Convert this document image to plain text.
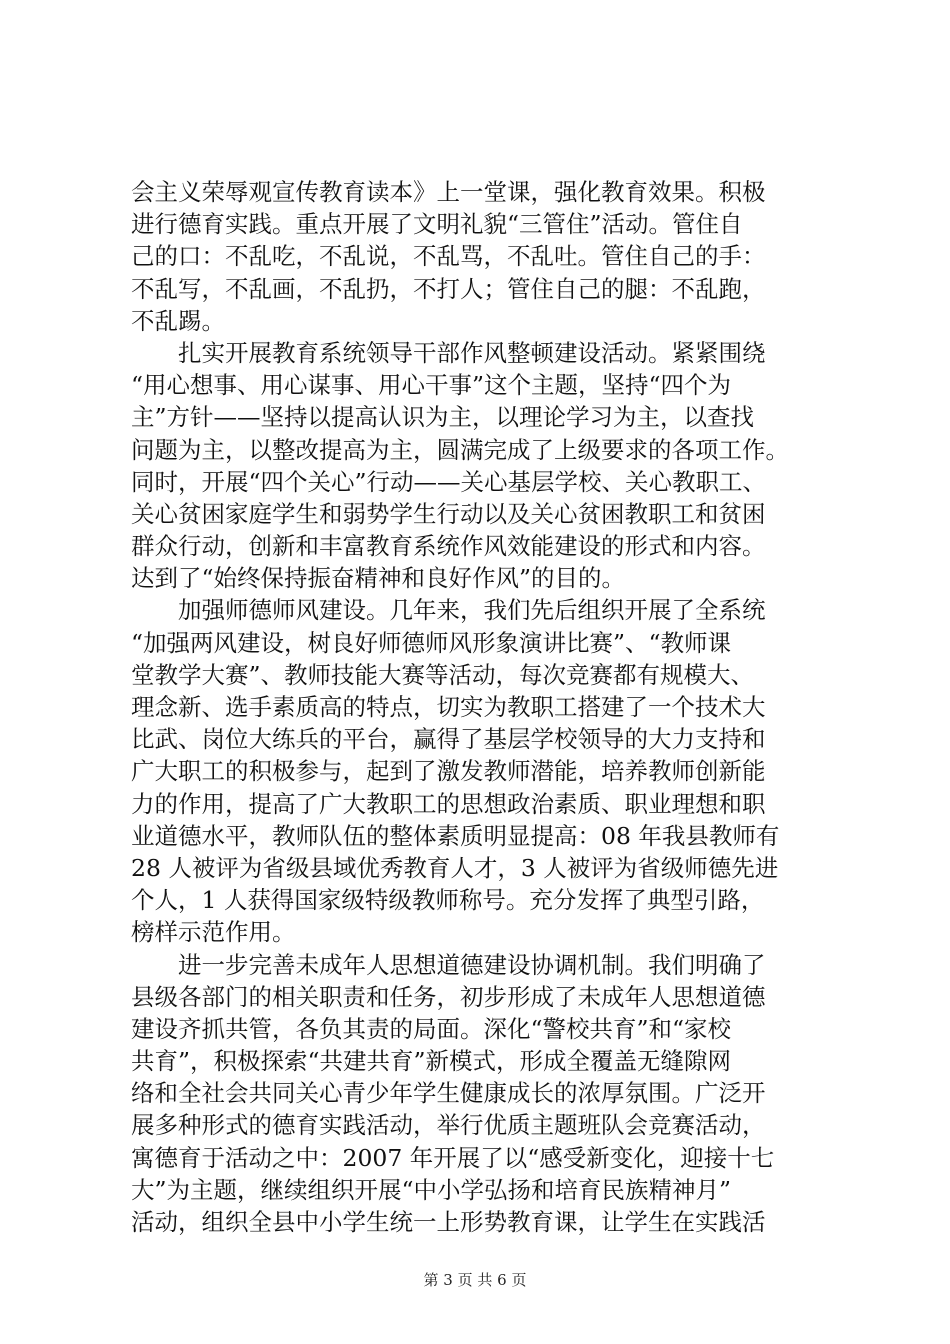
会主义荣辱观宣传教育读本》上一堂课，强化教育效果。积极
进行德育实践。重点开展了文明礼貌“三管住”活动。管住自
己的口：不乱吃，不乱说，不乱骂，不乱吐。管住自己的手：
不乱写，不乱画，不乱扔，不打人；管住自己的腿：不乱跑，
不乱踢。
　　扎实开展教育系统领导干部作风整顿建设活动。紧紧围绕
“用心想事、用心谋事、用心干事”这个主题，坚持“四个为
主”方针——坚持以提高认识为主，以理论学习为主，以查找
问题为主，以整改提高为主，圆满完成了上级要求的各项工作。
同时，开展“四个关心”行动——关心基层学校、关心教职工、
关心贫困家庭学生和弱势学生行动以及关心贫困教职工和贫困
群众行动，创新和丰富教育系统作风效能建设的形式和内容。
达到了“始终保持振奋精神和良好作风”的目的。
　　加强师德师风建设。几年来，我们先后组织开展了全系统
“加强两风建设，树良好师德师风形象演讲比赛”、“教师课
堂教学大赛”、教师技能大赛等活动，每次竞赛都有规模大、
理念新、选手素质高的特点，切实为教职工搭建了一个技术大
比武、岗位大练兵的平台，赢得了基层学校领导的大力支持和
广大职工的积极参与，起到了激发教师潜能，培养教师创新能
力的作用，提高了广大教职工的思想政治素质、职业理想和职
业道德水平，教师队伍的整体素质明显提高：08 年我县教师有
28 人被评为省级县域优秀教育人才，3 人被评为省级师德先进
个人，1 人获得国家级特级教师称号。充分发挥了典型引路，
榜样示范作用。
　　进一步完善未成年人思想道德建设协调机制。我们明确了
县级各部门的相关职责和任务，初步形成了未成年人思想道德
建设齐抓共管，各负其责的局面。深化“警校共育”和“家校
共育”，积极探索“共建共育”新模式，形成全覆盖无缝隙网
络和全社会共同关心青少年学生健康成长的浓厚氛围。广泛开
展多种形式的德育实践活动，举行优质主题班队会竞赛活动，
寓德育于活动之中：2007 年开展了以“感受新变化，迎接十七
大”为主题，继续组织开展“中小学弘扬和培育民族精神月”
活动，组织全县中小学生统一上形势教育课，让学生在实践活
第 3 页 共 6 页
